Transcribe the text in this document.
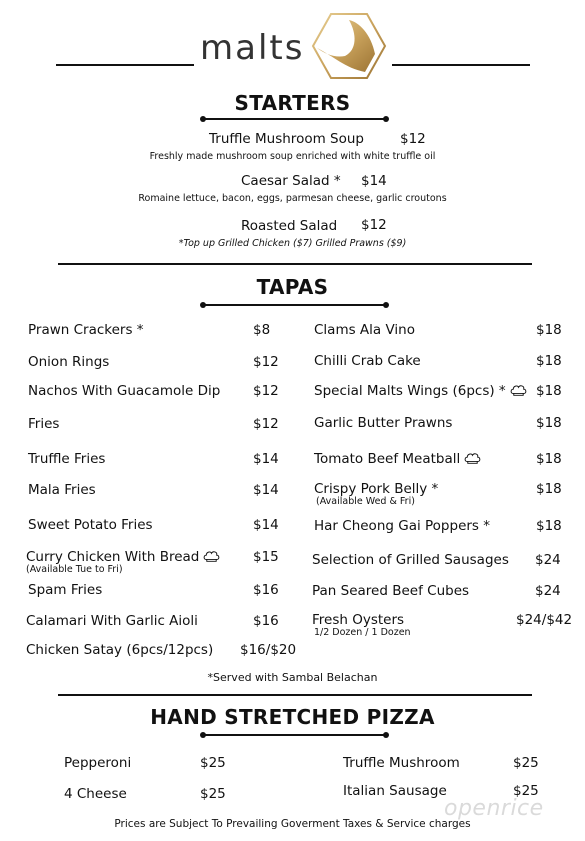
malts
STARTERS
Truffle Mushroom Soup	$12
Freshly made mushroom soup enriched with white truffle oil
Caesar Salad * $14
Romaine lettuce, bacon, eggs, parmesan cheese, garlic croutons
Roasted Salad $12
*Top up Grilled Chicken ($7) Grilled Prawns ($9)
TAPAS
Prawn Crackers *	$8
Onion Rings	$12
Nachos With Guacamole Dip $12
Fries	$12
Truffle Fries	$14
Mala Fries	$14
Sweet Potato Fries	$14
Curry Chicken With Bread	$15
(Available Tue to Fri)
Spam Fries	$16
Calamari With Garlic Aioli	$16
Chicken Satay (6pcs/12pcs) $16/$20
Clams Ala Vino	$18
Chilli Crab Cake	$18
Special Malts Wings (6pcs) *	$18
Garlic Butter Prawns	$18
Tomato Beef Meatball	$18
Crispy Pork Belly *	$18
(Available Wed & Fri)
Har Cheong Gai Poppers *	$18
Selection of Grilled Sausages $24
Pan Seared Beef Cubes	$24
Fresh Oysters	$24/$42
1/2 Dozen / 1 Dozen
*Served with Sambal Belachan
HAND STRETCHED PIZZA
Pepperoni	$25
4 Cheese	$25
Truffle Mushroom	$25
Italian Sausage	$25
Prices are Subject To Prevailing Goverment Taxes & Service charges
openrice
